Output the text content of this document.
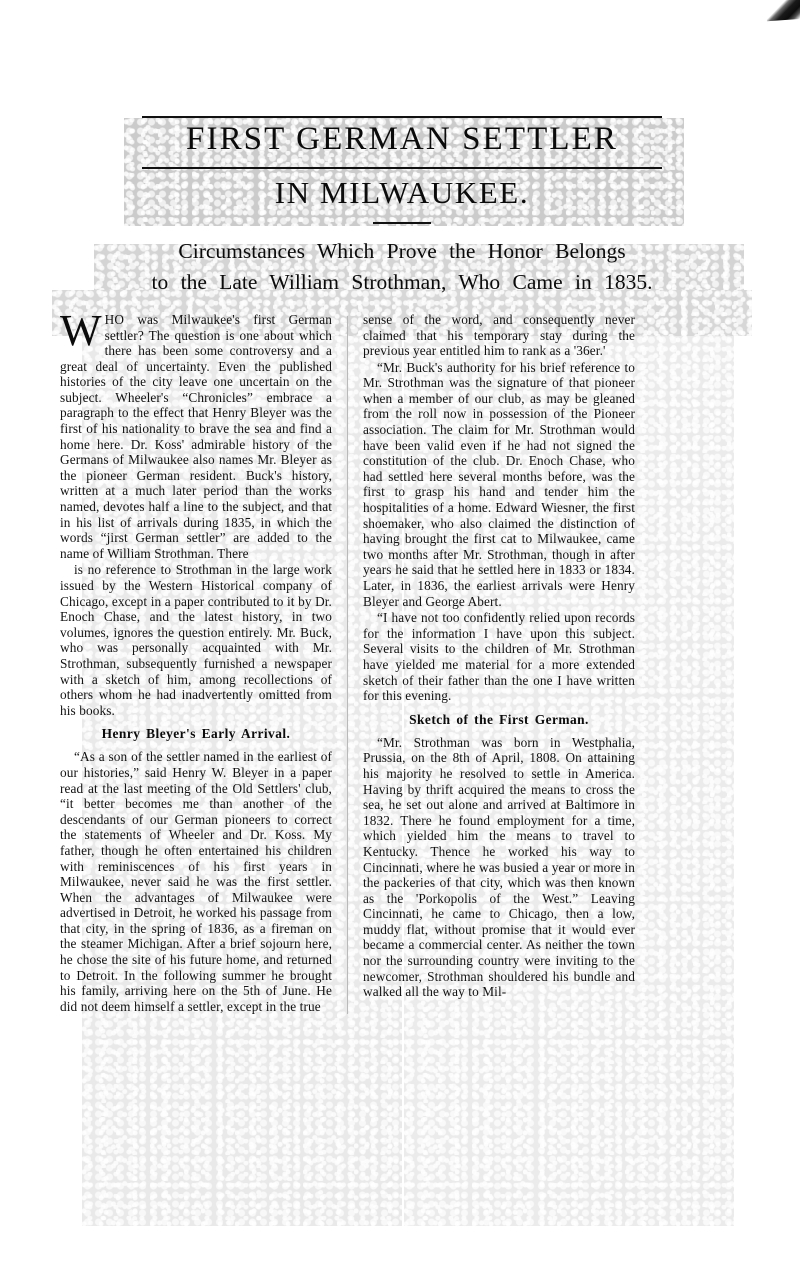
FIRST GERMAN SETTLER
IN MILWAUKEE.
Circumstances Which Prove the Honor Belongs
to the Late William Strothman, Who Came in 1835.

WHO was Milwaukee's first German settler? The question is one about which there has been some controversy and a great deal of uncertainty. Even the published histories of the city leave one uncertain on the subject. Wheeler's “Chronicles” embrace a paragraph to the effect that Henry Bleyer was the first of his nationality to brave the sea and find a home here. Dr. Koss' admirable history of the Germans of Milwaukee also names Mr. Bleyer as the pioneer German resident. Buck's history, written at a much later period than the works named, devotes half a line to the subject, and that in his list of arrivals during 1835, in which the words “jirst German settler” are added to the name of William Strothman. There

is no reference to Strothman in the large work issued by the Western Historical company of Chicago, except in a paper contributed to it by Dr. Enoch Chase, and the latest history, in two volumes, ignores the question entirely. Mr. Buck, who was personally acquainted with Mr. Strothman, subsequently furnished a newspaper with a sketch of him, among recollections of others whom he had inadvertently omitted from his books.

Henry Bleyer's Early Arrival.

“As a son of the settler named in the earliest of our histories,” said Henry W. Bleyer in a paper read at the last meeting of the Old Settlers' club, “it better becomes me than another of the descendants of our German pioneers to correct the statements of Wheeler and Dr. Koss. My father, though he often entertained his children with reminiscences of his first years in Milwaukee, never said he was the first settler. When the advantages of Milwaukee were advertised in Detroit, he worked his passage from that city, in the spring of 1836, as a fireman on the steamer Michigan. After a brief sojourn here, he chose the site of his future home, and returned to Detroit. In the following summer he brought his family, arriving here on the 5th of June. He did not deem himself a settler, except in the true

sense of the word, and consequently never claimed that his temporary stay during the previous year entitled him to rank as a '36er.'

“Mr. Buck's authority for his brief reference to Mr. Strothman was the signature of that pioneer when a member of our club, as may be gleaned from the roll now in possession of the Pioneer association. The claim for Mr. Strothman would have been valid even if he had not signed the constitution of the club. Dr. Enoch Chase, who had settled here several months before, was the first to grasp his hand and tender him the hospitalities of a home. Edward Wiesner, the first shoemaker, who also claimed the distinction of having brought the first cat to Milwaukee, came two months after Mr. Strothman, though in after years he said that he settled here in 1833 or 1834. Later, in 1836, the earliest arrivals were Henry Bleyer and George Abert.

“I have not too confidently relied upon records for the information I have upon this subject. Several visits to the children of Mr. Strothman have yielded me material for a more extended sketch of their father than the one I have written for this evening.

Sketch of the First German.

“Mr. Strothman was born in Westphalia, Prussia, on the 8th of April, 1808. On attaining his majority he resolved to settle in America. Having by thrift acquired the means to cross the sea, he set out alone and arrived at Baltimore in 1832. There he found employment for a time, which yielded him the means to travel to Kentucky. Thence he worked his way to Cincinnati, where he was busied a year or more in the packeries of that city, which was then known as the 'Porkopolis of the West.” Leaving Cincinnati, he came to Chicago, then a low, muddy flat, without promise that it would ever became a commercial center. As neither the town nor the surrounding country were inviting to the newcomer, Strothman shouldered his bundle and walked all the way to Mil-
